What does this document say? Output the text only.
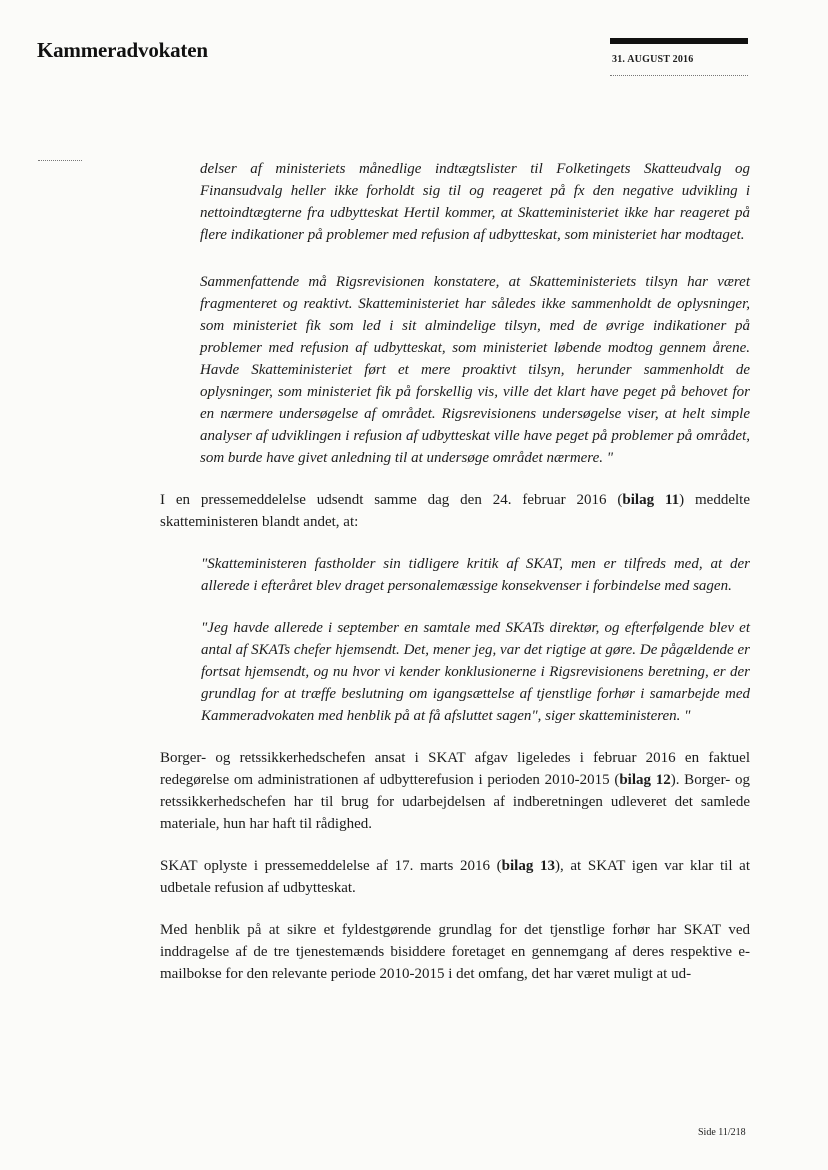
Kammeradvokaten	31. AUGUST 2016

delser af ministeriets månedlige indtægtslister til Folketingets Skatteudvalg og Finansudvalg heller ikke forholdt sig til og reageret på fx den negative udvikling i nettoindtægterne fra udbytteskat Hertil kommer, at Skatteministeriet ikke har reageret på flere indikationer på problemer med refusion af udbytteskat, som ministeriet har modtaget.

Sammenfattende må Rigsrevisionen konstatere, at Skatteministeriets tilsyn har været fragmenteret og reaktivt. Skatteministeriet har således ikke sammenholdt de oplysninger, som ministeriet fik som led i sit almindelige tilsyn, med de øvrige indikationer på problemer med refusion af udbytteskat, som ministeriet løbende modtog gennem årene. Havde Skatteministeriet ført et mere proaktivt tilsyn, herunder sammenholdt de oplysninger, som ministeriet fik på forskellig vis, ville det klart have peget på behovet for en nærmere undersøgelse af området. Rigsrevisionens undersøgelse viser, at helt simple analyser af udviklingen i refusion af udbytteskat ville have peget på problemer på området, som burde have givet anledning til at undersøge området nærmere. "

I en pressemeddelelse udsendt samme dag den 24. februar 2016 (bilag 11) meddelte skatteministeren blandt andet, at:

"Skatteministeren fastholder sin tidligere kritik af SKAT, men er tilfreds med, at der allerede i efteråret blev draget personalemæssige konsekvenser i forbindelse med sagen.

"Jeg havde allerede i september en samtale med SKATs direktør, og efterfølgende blev et antal af SKATs chefer hjemsendt. Det, mener jeg, var det rigtige at gøre. De pågældende er fortsat hjemsendt, og nu hvor vi kender konklusionerne i Rigsrevisionens beretning, er der grundlag for at træffe beslutning om igangsættelse af tjenstlige forhør i samarbejde med Kammeradvokaten med henblik på at få afsluttet sagen", siger skatteministeren. "

Borger- og retssikkerhedschefen ansat i SKAT afgav ligeledes i februar 2016 en faktuel redegørelse om administrationen af udbytterefusion i perioden 2010-2015 (bilag 12). Borger- og retssikkerhedschefen har til brug for udarbejdelsen af indberetningen udleveret det samlede materiale, hun har haft til rådighed.

SKAT oplyste i pressemeddelelse af 17. marts 2016 (bilag 13), at SKAT igen var klar til at udbetale refusion af udbytteskat.

Med henblik på at sikre et fyldestgørende grundlag for det tjenstlige forhør har SKAT ved inddragelse af de tre tjenestemænds bisiddere foretaget en gennemgang af deres respektive e-mailbokse for den relevante periode 2010-2015 i det omfang, det har været muligt at ud-

Side 11/218
